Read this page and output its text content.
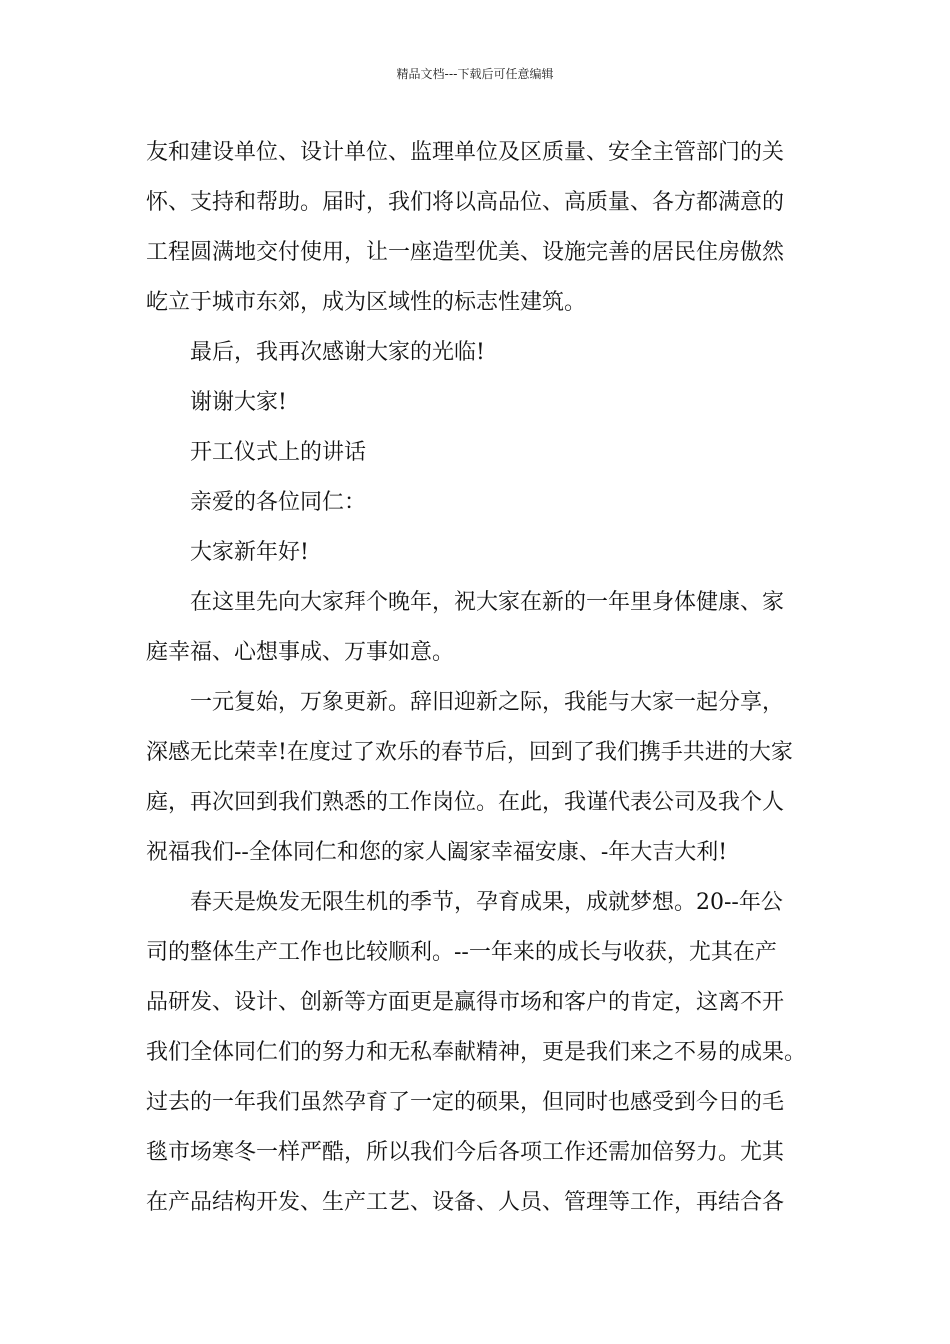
精品文档---下载后可任意编辑
友和建设单位、设计单位、监理单位及区质量、安全主管部门的关
怀、支持和帮助。届时，我们将以高品位、高质量、各方都满意的
工程圆满地交付使用，让一座造型优美、设施完善的居民住房傲然
屹立于城市东郊，成为区域性的标志性建筑。
最后，我再次感谢大家的光临!
谢谢大家!
开工仪式上的讲话
亲爱的各位同仁：
大家新年好!
在这里先向大家拜个晚年，祝大家在新的一年里身体健康、家
庭幸福、心想事成、万事如意。
一元复始，万象更新。辞旧迎新之际，我能与大家一起分享，
深感无比荣幸!在度过了欢乐的春节后，回到了我们携手共进的大家
庭，再次回到我们熟悉的工作岗位。在此，我谨代表公司及我个人
祝福我们--全体同仁和您的家人阖家幸福安康、-年大吉大利!
春天是焕发无限生机的季节，孕育成果，成就梦想。20--年公
司的整体生产工作也比较顺利。--一年来的成长与收获，尤其在产
品研发、设计、创新等方面更是赢得市场和客户的肯定，这离不开
我们全体同仁们的努力和无私奉献精神，更是我们来之不易的成果。
过去的一年我们虽然孕育了一定的硕果，但同时也感受到今日的毛
毯市场寒冬一样严酷，所以我们今后各项工作还需加倍努力。尤其
在产品结构开发、生产工艺、设备、人员、管理等工作，再结合各
